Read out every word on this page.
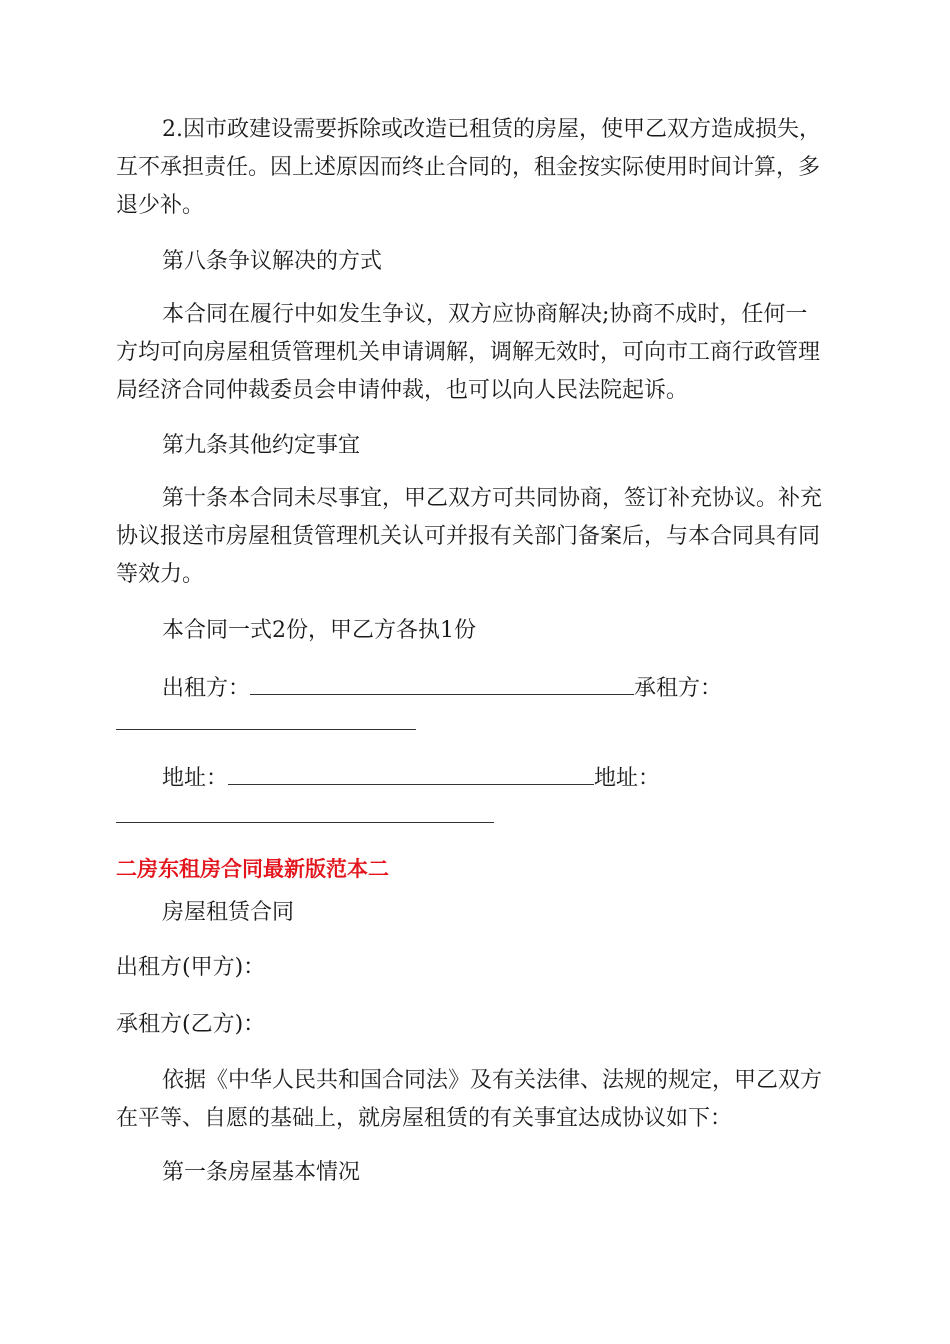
2.因市政建设需要拆除或改造已租赁的房屋，使甲乙双方造成损失，
互不承担责任。因上述原因而终止合同的，租金按实际使用时间计算，多
退少补。
第八条争议解决的方式
本合同在履行中如发生争议，双方应协商解决;协商不成时，任何一
方均可向房屋租赁管理机关申请调解，调解无效时，可向市工商行政管理
局经济合同仲裁委员会申请仲裁，也可以向人民法院起诉。
第九条其他约定事宜
第十条本合同未尽事宜，甲乙双方可共同协商，签订补充协议。补充
协议报送市房屋租赁管理机关认可并报有关部门备案后，与本合同具有同
等效力。
本合同一式2份，甲乙方各执1份
出租方：	承租方：
地址：	地址：
二房东租房合同最新版范本二
房屋租赁合同
出租方(甲方)：
承租方(乙方)：
依据《中华人民共和国合同法》及有关法律、法规的规定，甲乙双方
在平等、自愿的基础上，就房屋租赁的有关事宜达成协议如下：
第一条房屋基本情况
